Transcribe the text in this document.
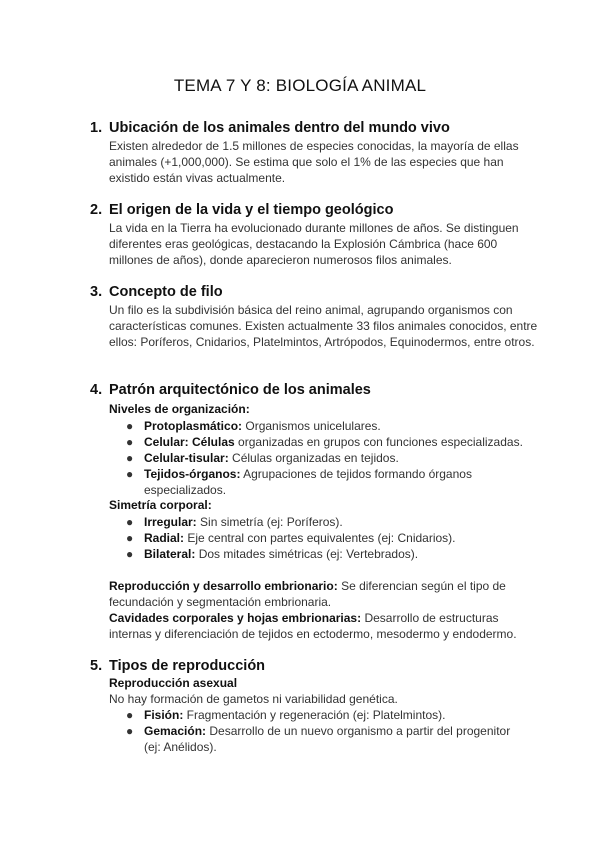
TEMA 7 Y 8: BIOLOGÍA ANIMAL
1. Ubicación de los animales dentro del mundo vivo
Existen alrededor de 1.5 millones de especies conocidas, la mayoría de ellas animales (+1,000,000). Se estima que solo el 1% de las especies que han existido están vivas actualmente.
2. El origen de la vida y el tiempo geológico
La vida en la Tierra ha evolucionado durante millones de años. Se distinguen diferentes eras geológicas, destacando la Explosión Cámbrica (hace 600 millones de años), donde aparecieron numerosos filos animales.
3. Concepto de filo
Un filo es la subdivisión básica del reino animal, agrupando organismos con características comunes. Existen actualmente 33 filos animales conocidos, entre ellos: Poríferos, Cnidarios, Platelmintos, Artrópodos, Equinodermos, entre otros.
4. Patrón arquitectónico de los animales
Niveles de organización:
● Protoplasmático: Organismos unicelulares.
● Celular: Células organizadas en grupos con funciones especializadas.
● Celular-tisular: Células organizadas en tejidos.
● Tejidos-órganos: Agrupaciones de tejidos formando órganos especializados.
Simetría corporal:
● Irregular: Sin simetría (ej: Poríferos).
● Radial: Eje central con partes equivalentes (ej: Cnidarios).
● Bilateral: Dos mitades simétricas (ej: Vertebrados).
Reproducción y desarrollo embrionario: Se diferencian según el tipo de fecundación y segmentación embrionaria.
Cavidades corporales y hojas embrionarias: Desarrollo de estructuras internas y diferenciación de tejidos en ectodermo, mesodermo y endodermo.
5. Tipos de reproducción
Reproducción asexual
No hay formación de gametos ni variabilidad genética.
● Fisión: Fragmentación y regeneración (ej: Platelmintos).
● Gemación: Desarrollo de un nuevo organismo a partir del progenitor (ej: Anélidos).
